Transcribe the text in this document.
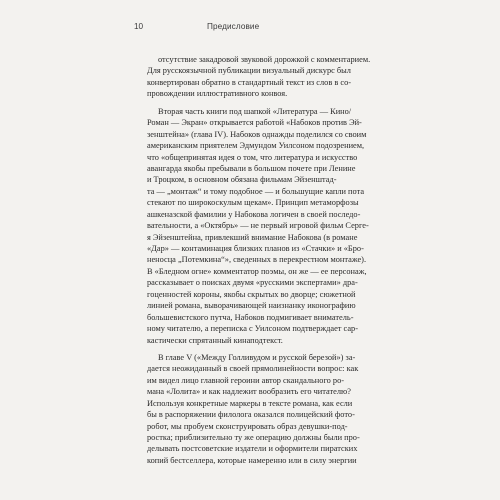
10	Предисловие
отсутствие закадровой звуковой дорожкой с комментарием.
Для русскоязычной публикации визуальный дискурс был
конвертирован обратно в стандартный текст из слов в со-
провождении иллюстративного конвоя.
Вторая часть книги под шапкой «Литература — Кино/
Роман — Экран» открывается работой «Набоков против Эй-
зенштейна» (глава IV). Набоков однажды поделился со своим
американским приятелем Эдмундом Уилсоном подозрением,
что «общепринятая идея о том, что литература и искусство
авангарда якобы пребывали в большом почете при Ленине
и Троцком, в основном обязана фильмам Эйзенштад-
та — „монтаж“ и тому подобное — и большущие капли пота
стекают по широкоскулым щекам». Принцип метаморфозы
ашкеназской фамилии у Набокова логичен в своей последо-
вательности, а «Октябрь» — не первый игровой фильм Серге-
я Эйзенштейна, привлекший внимание Набокова (в романе
«Дар» — контаминация близких планов из «Стачки» и «Бро-
неносца „Потемкина“», сведенных в перекрестном монтаже).
В «Бледном огне» комментатор поэмы, он же — ее персонаж,
рассказывает о поисках двумя «русскими экспертами» дра-
гоценностей короны, якобы скрытых во дворце; сюжетной
линией романа, выворачивающей наизнанку иконографию
большевистского путча, Набоков подмигивает вниматель-
ному читателю, а переписка с Уилсоном подтверждает сар-
кастически спрятанный кинаподтекст.
В главе V («Между Голливудом и русской березой») за-
дается неожиданный в своей прямолинейности вопрос: как
им видел лицо главной героини автор скандального ро-
мана «Лолита» и как надлежит вообразить его читателю?
Используя конкретные маркеры в тексте романа, как если
бы в распоряжении филолога оказался полицейский фото-
робот, мы пробуем сконструировать образ девушки-под-
ростка; приблизительно ту же операцию должны были про-
делывать постсоветские издатели и оформители пиратских
копий бестселлера, которые намеренно или в силу энергии
